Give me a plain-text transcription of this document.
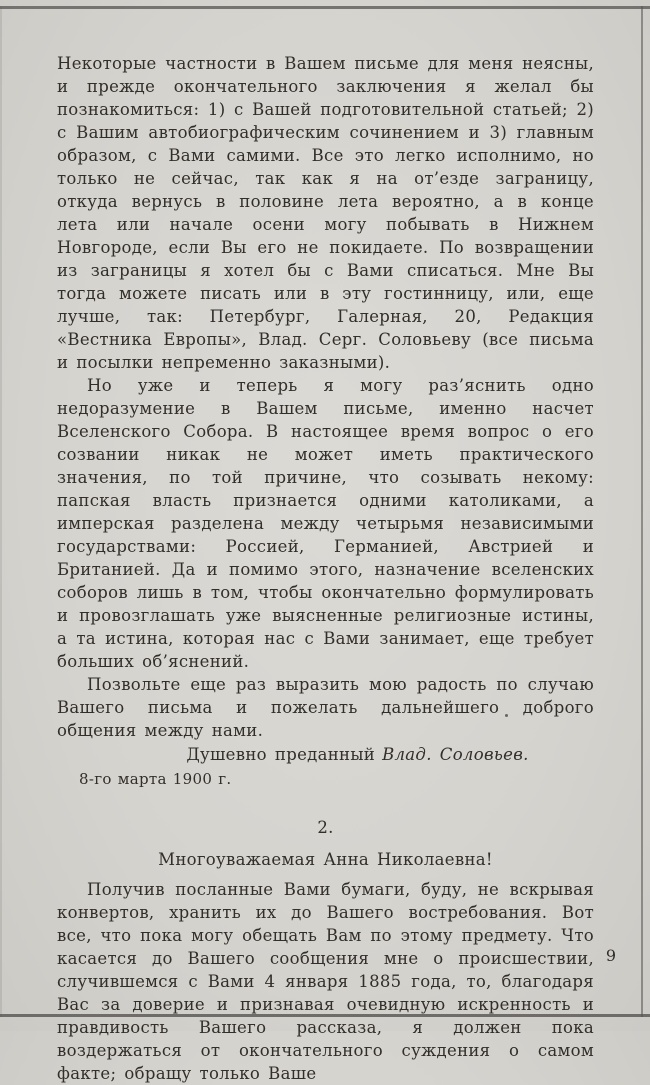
Некоторые частности в Вашем письме для меня неясны, и прежде окончательного заключения я желал бы познакомиться: 1) с Вашей подготовительной статьей; 2) с Вашим автобиографическим сочинением и 3) главным образом, с Вами самими. Все это легко исполнимо, но только не сейчас, так как я на от’езде заграницу, откуда вернусь в половине лета вероятно, а в конце лета или начале осени могу побывать в Нижнем Новгороде, если Вы его не покидаете. По возвращении из заграницы я хотел бы с Вами списаться. Мне Вы тогда можете писать или в эту гостинницу, или, еще лучше, так: Петербург, Галерная, 20, Редакция «Вестника Европы», Влад. Серг. Соловьеву (все письма и посылки непременно заказными).

Но уже и теперь я могу раз’яснить одно недоразумение в Вашем письме, именно насчет Вселенского Собора. В настоящее время вопрос о его созвании никак не может иметь практического значения, по той причине, что созывать некому: папская власть признается одними католиками, а имперская разделена между четырьмя независимыми государствами: Россией, Германией, Австрией и Британией. Да и помимо этого, назначение вселенских соборов лишь в том, чтобы окончательно формулировать и провозглашать уже выясненные религиозные истины, а та истина, которая нас с Вами занимает, еще требует больших об’яснений.

Позвольте еще раз выразить мою радость по случаю Вашего письма и пожелать дальнейшего доброго общения между нами.

Душевно преданный Влад. Соловьев.

8-го марта 1900 г.

2.

Многоуважаемая Анна Николаевна!

Получив посланные Вами бумаги, буду, не вскрывая конвертов, хранить их до Вашего востребования. Вот все, что пока могу обещать Вам по этому предмету. Что касается до Вашего сообщения мне о происшествии, случившемся с Вами 4 января 1885 года, то, благодаря Вас за доверие и признавая очевидную искренность и правдивость Вашего рассказа, я должен пока воздержаться от окончательного суждения о самом факте; обращу только Ваше

9
